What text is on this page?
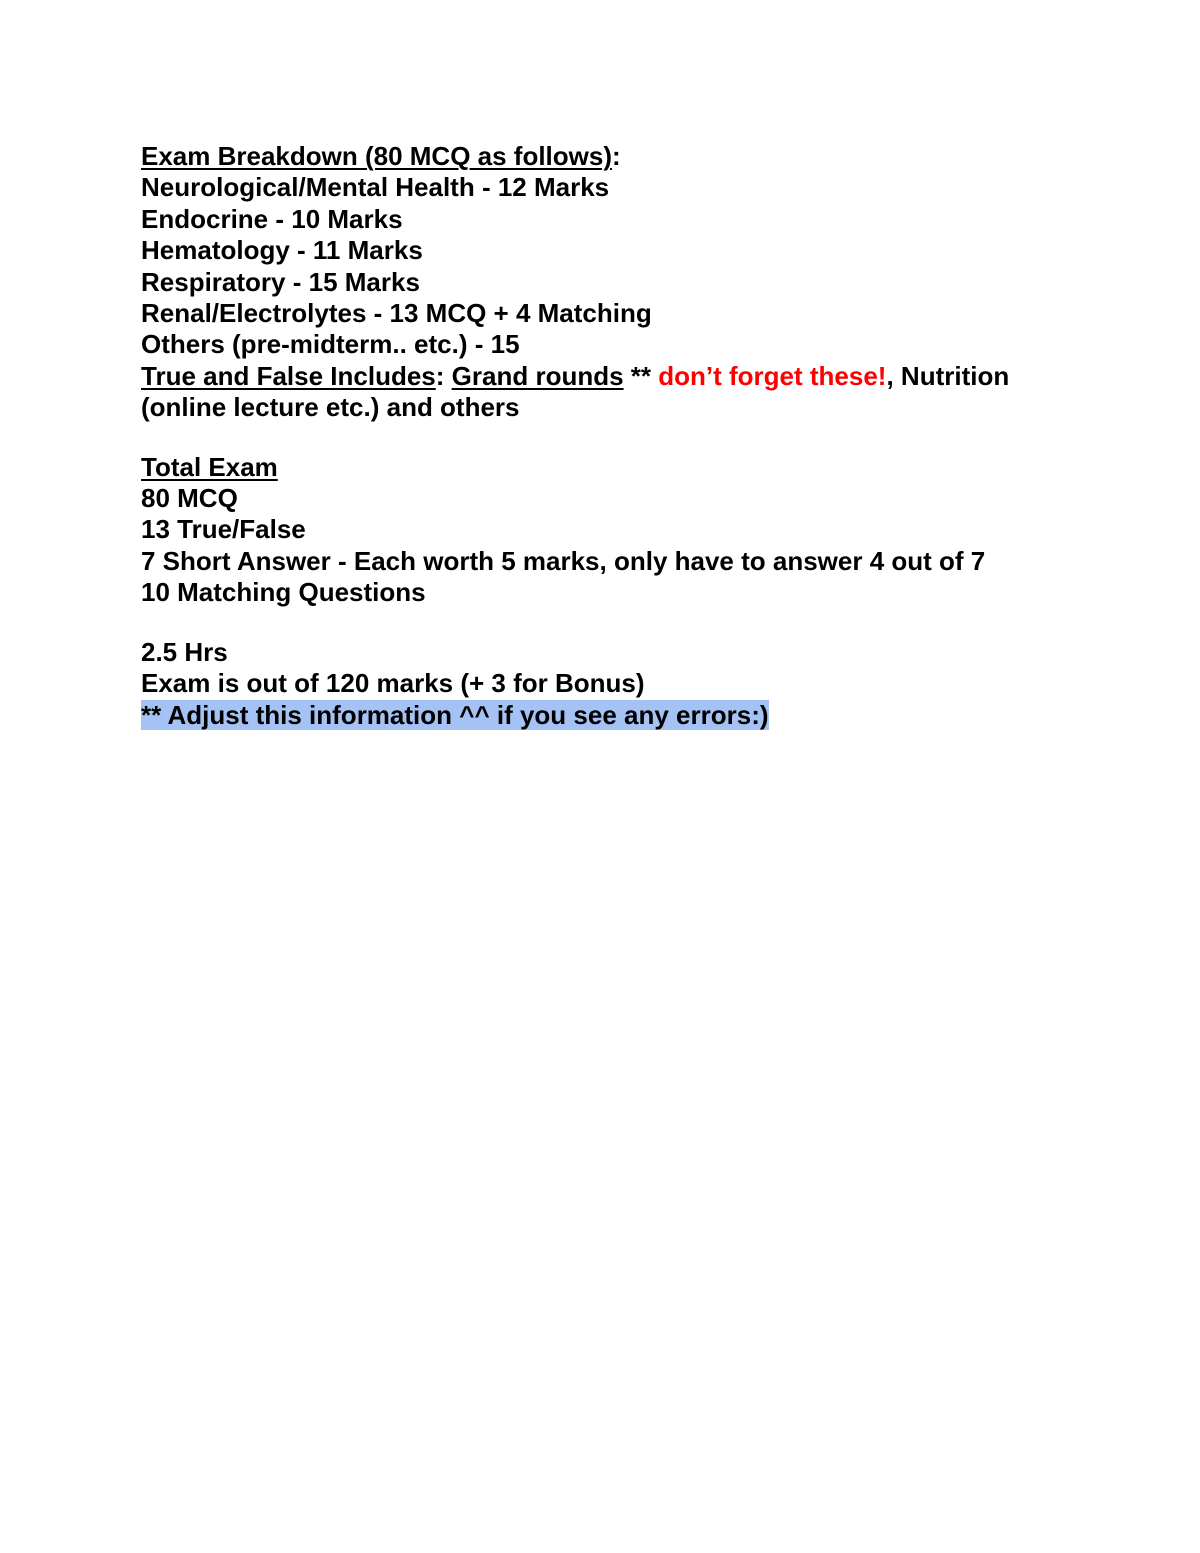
Exam Breakdown (80 MCQ as follows):

Neurological/Mental Health - 12 Marks

Endocrine - 10 Marks

Hematology - 11 Marks

Respiratory - 15 Marks

Renal/Electrolytes - 13 MCQ + 4 Matching

Others (pre-midterm.. etc.) - 15

True and False Includes: Grand rounds ** don’t forget these!, Nutrition

(online lecture etc.) and others

Total Exam

80 MCQ

13 True/False

7 Short Answer - Each worth 5 marks, only have to answer 4 out of 7

10 Matching Questions

2.5 Hrs

Exam is out of 120 marks (+ 3 for Bonus)

** Adjust this information ^^ if you see any errors:)
